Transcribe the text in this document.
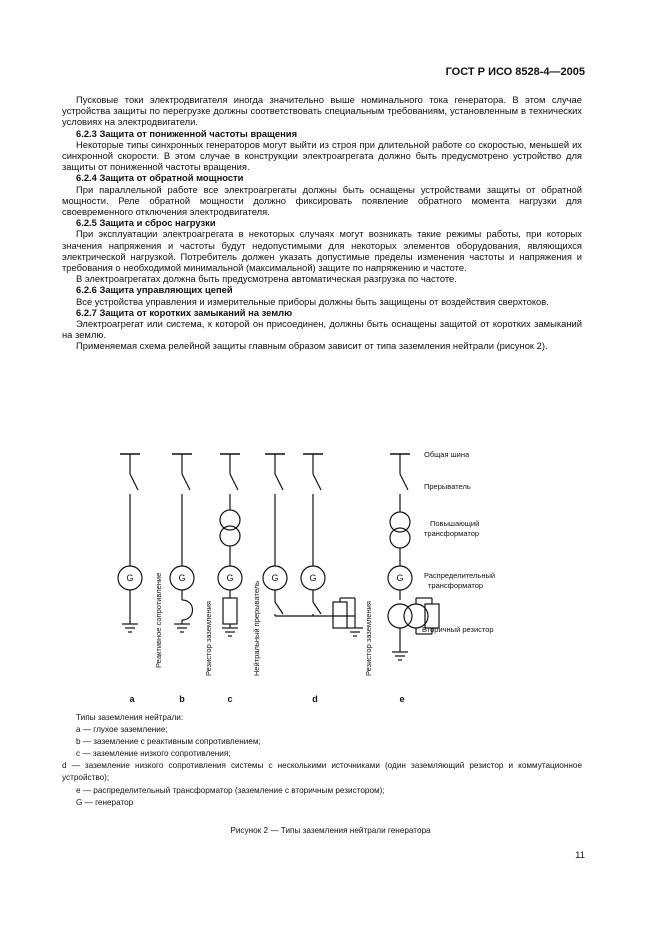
ГОСТ Р ИСО 8528-4—2005

Пусковые токи электродвигателя иногда значительно выше номинального тока генератора. В этом случае устройства защиты по перегрузке должны соответствовать специальным требованиям, установленным в технических условиях на электродвигатели.

6.2.3 Защита от пониженной частоты вращения

Некоторые типы синхронных генераторов могут выйти из строя при длительной работе со скоростью, меньшей их синхронной скорости. В этом случае в конструкции электроагрегата должно быть предусмотрено устройство для защиты от пониженной частоты вращения.

6.2.4 Защита от обратной мощности

При параллельной работе все электроагрегаты должны быть оснащены устройствами защиты от обратной мощности. Реле обратной мощности должно фиксировать появление обратного момента нагрузки для своевременного отключения электродвигателя.

6.2.5 Защита и сброс нагрузки

При эксплуатации электроагрегата в некоторых случаях могут возникать такие режимы работы, при которых значения напряжения и частоты будут недопустимыми для некоторых элементов оборудования, являющихся электрической нагрузкой. Потребитель должен указать допустимые пределы изменения частоты и напряжения и требования о необходимой минимальной (максимальной) защите по напряжению и частоте.

В электроагрегатах должна быть предусмотрена автоматическая разгрузка по частоте.

6.2.6 Защита управляющих цепей

Все устройства управления и измерительные приборы должны быть защищены от воздействия сверхтоков.

6.2.7 Защита от коротких замыканий на землю

Электроагрегат или система, к которой он присоединен, должны быть оснащены защитой от коротких замыканий на землю.

Применяемая схема релейной защиты главным образом зависит от типа заземления нейтрали (рисунок 2).

G	G	G	G	G	G
Общая шина
Прерыватель
Повышающий трансформатор
Распределительный трансформатор
Вторичный резистор
Реактивное сопротивление	Резистор заземления	Нейтральный прерыватель	Резистор заземления
a	b	c	d	e
Типы заземления нейтрали:
а — глухое заземление;
b — заземление с реактивным сопротивлением;
c — заземление низкого сопротивления;
d — заземление низкого сопротивления системы с несколькими источниками (один заземляющий резистор и коммутационное устройство);
e — распределительный трансформатор (заземление с вторичным резистором);
G — генератор
Рисунок 2 — Типы заземления нейтрали генератора
11
